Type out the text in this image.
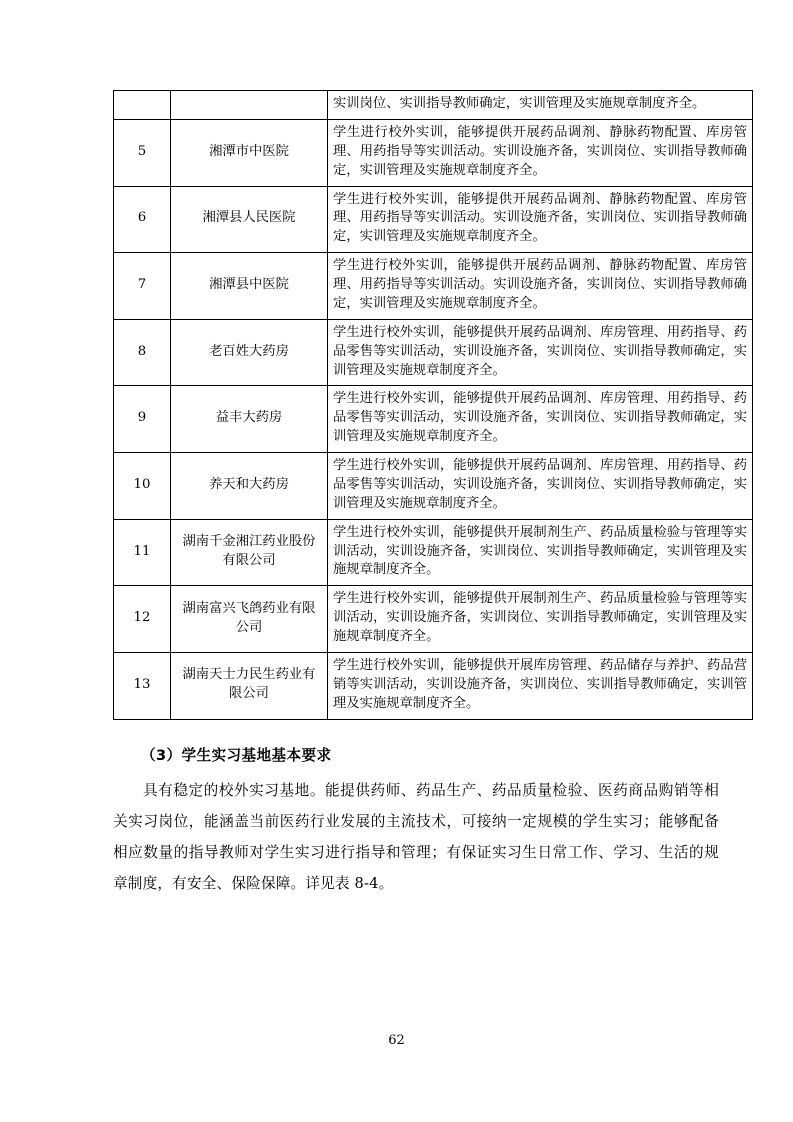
		实训岗位、实训指导教师确定，实训管理及实施规章制度齐全。
5	湘潭市中医院	学生进行校外实训，能够提供开展药品调剂、静脉药物配置、库房管理、用药指导等实训活动。实训设施齐备，实训岗位、实训指导教师确定，实训管理及实施规章制度齐全。
6	湘潭县人民医院	学生进行校外实训，能够提供开展药品调剂、静脉药物配置、库房管理、用药指导等实训活动。实训设施齐备，实训岗位、实训指导教师确定，实训管理及实施规章制度齐全。
7	湘潭县中医院	学生进行校外实训，能够提供开展药品调剂、静脉药物配置、库房管理、用药指导等实训活动。实训设施齐备，实训岗位、实训指导教师确定，实训管理及实施规章制度齐全。
8	老百姓大药房	学生进行校外实训，能够提供开展药品调剂、库房管理、用药指导、药品零售等实训活动，实训设施齐备，实训岗位、实训指导教师确定，实训管理及实施规章制度齐全。
9	益丰大药房	学生进行校外实训，能够提供开展药品调剂、库房管理、用药指导、药品零售等实训活动，实训设施齐备，实训岗位、实训指导教师确定，实训管理及实施规章制度齐全。
10	养天和大药房	学生进行校外实训，能够提供开展药品调剂、库房管理、用药指导、药品零售等实训活动，实训设施齐备，实训岗位、实训指导教师确定，实训管理及实施规章制度齐全。
11	湖南千金湘江药业股份有限公司	学生进行校外实训，能够提供开展制剂生产、药品质量检验与管理等实训活动，实训设施齐备，实训岗位、实训指导教师确定，实训管理及实施规章制度齐全。
12	湖南富兴飞鸽药业有限公司	学生进行校外实训，能够提供开展制剂生产、药品质量检验与管理等实训活动，实训设施齐备，实训岗位、实训指导教师确定，实训管理及实施规章制度齐全。
13	湖南天士力民生药业有限公司	学生进行校外实训，能够提供开展库房管理、药品储存与养护、药品营销等实训活动，实训设施齐备，实训岗位、实训指导教师确定，实训管理及实施规章制度齐全。
（3）学生实习基地基本要求
具有稳定的校外实习基地。能提供药师、药品生产、药品质量检验、医药商品购销等相关实习岗位，能涵盖当前医药行业发展的主流技术，可接纳一定规模的学生实习；能够配备相应数量的指导教师对学生实习进行指导和管理；有保证实习生日常工作、学习、生活的规章制度，有安全、保险保障。详见表 8-4。
62
